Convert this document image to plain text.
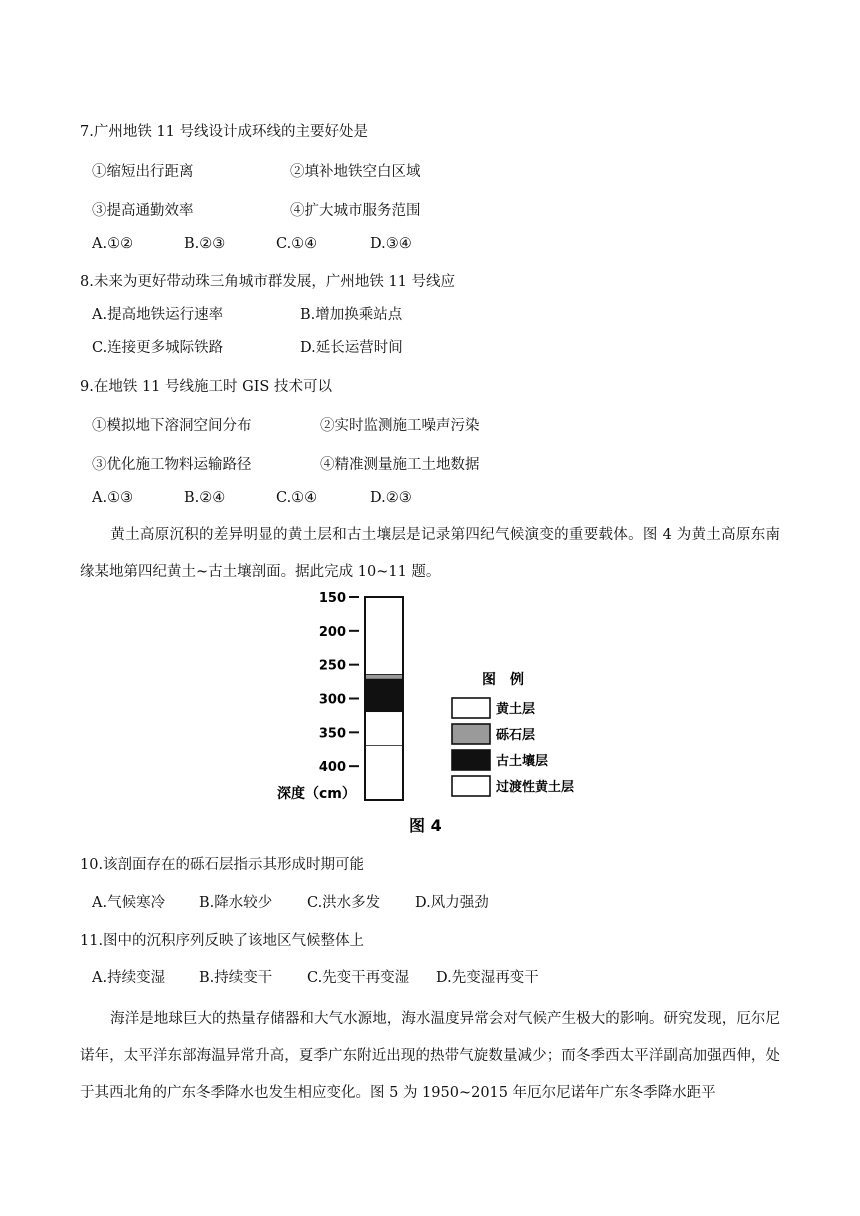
7.广州地铁 11 号线设计成环线的主要好处是
①缩短出行距离	②填补地铁空白区域
③提高通勤效率	④扩大城市服务范围
A.①②	B.②③	C.①④	D.③④
8.未来为更好带动珠三角城市群发展，广州地铁 11 号线应
A.提高地铁运行速率	B.增加换乘站点
C.连接更多城际铁路	D.延长运营时间
9.在地铁 11 号线施工时 GIS 技术可以
①模拟地下溶洞空间分布	②实时监测施工噪声污染
③优化施工物料运输路径	④精准测量施工土地数据
A.①③	B.②④	C.①④	D.②③
黄土高原沉积的差异明显的黄土层和古土壤层是记录第四纪气候演变的重要载体。图 4 为黄土高原东南缘某地第四纪黄土~古土壤剖面。据此完成 10~11 题。
150
200
250
300
350
400
深度（cm）
图　例
黄土层
砾石层
古土壤层
过渡性黄土层
图 4
10.该剖面存在的砾石层指示其形成时期可能
A.气候寒冷 B.降水较少 C.洪水多发 D.风力强劲
11.图中的沉积序列反映了该地区气候整体上
A.持续变湿 B.持续变干 C.先变干再变湿 D.先变湿再变干
海洋是地球巨大的热量存储器和大气水源地，海水温度异常会对气候产生极大的影响。研究发现，厄尔尼诺年，太平洋东部海温异常升高，夏季广东附近出现的热带气旋数量减少；而冬季西太平洋副高加强西伸，处于其西北角的广东冬季降水也发生相应变化。图 5 为 1950~2015 年厄尔尼诺年广东冬季降水距平
